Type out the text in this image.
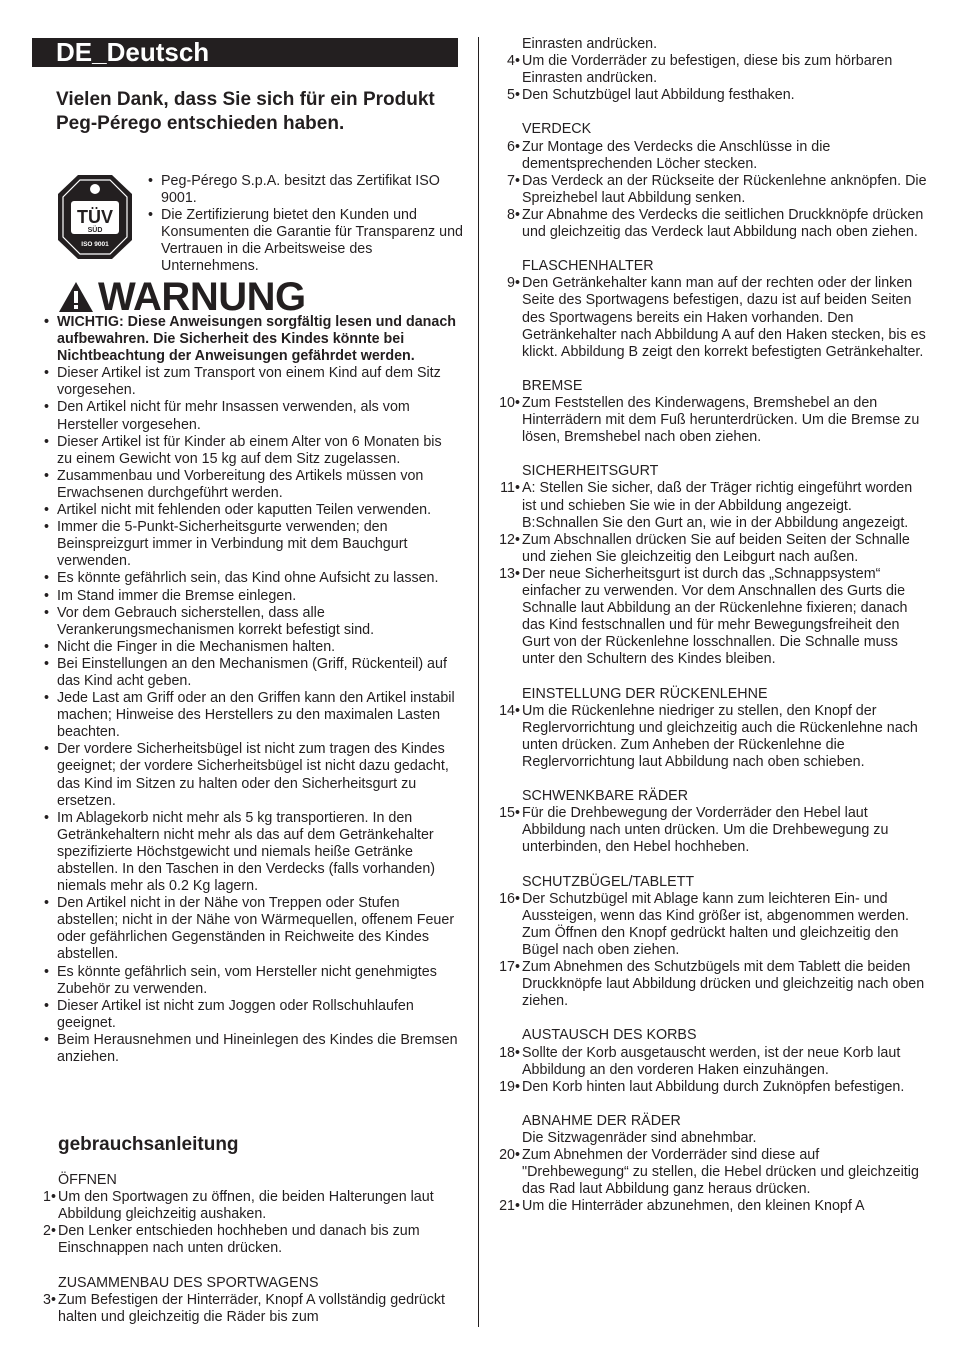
DE_Deutsch
Vielen Dank, dass Sie sich für ein Produkt Peg-Pérego entschieden haben.
TÜV
SÜD
ISO 9001
• Peg-Pérego S.p.A. besitzt das Zertifikat ISO 9001.
• Die Zertifizierung bietet den Kunden und Konsumenten die Garantie für Transparenz und Vertrauen in die Arbeitsweise des Unternehmens.
WARNUNG
• WICHTIG: Diese Anweisungen sorgfältig lesen und danach aufbewahren. Die Sicherheit des Kindes könnte bei Nichtbeachtung der Anweisungen gefährdet werden.
• Dieser Artikel ist zum Transport von einem Kind auf dem Sitz vorgesehen.
• Den Artikel nicht für mehr Insassen verwenden, als vom Hersteller vorgesehen.
• Dieser Artikel ist für Kinder ab einem Alter von 6 Monaten bis zu einem Gewicht von 15 kg auf dem Sitz zugelassen.
• Zusammenbau und Vorbereitung des Artikels müssen von Erwachsenen durchgeführt werden.
• Artikel nicht mit fehlenden oder kaputten Teilen verwenden.
• Immer die 5-Punkt-Sicherheitsgurte verwenden; den Beinspreizgurt immer in Verbindung mit dem Bauchgurt verwenden.
• Es könnte gefährlich sein, das Kind ohne Aufsicht zu lassen.
• Im Stand immer die Bremse einlegen.
• Vor dem Gebrauch sicherstellen, dass alle Verankerungsmechanismen korrekt befestigt sind.
• Nicht die Finger in die Mechanismen halten.
• Bei Einstellungen an den Mechanismen (Griff, Rückenteil) auf das Kind acht geben.
• Jede Last am Griff oder an den Griffen kann den Artikel instabil machen; Hinweise des Herstellers zu den maximalen Lasten beachten.
• Der vordere Sicherheitsbügel ist nicht zum tragen des Kindes geeignet; der vordere Sicherheitsbügel ist nicht dazu gedacht, das Kind im Sitzen zu halten oder den Sicherheitsgurt zu ersetzen.
• Im Ablagekorb nicht mehr als 5 kg transportieren. In den Getränkehaltern nicht mehr als das auf dem Getränkehalter spezifizierte Höchstgewicht und niemals heiße Getränke abstellen. In den Taschen in den Verdecks (falls vorhanden) niemals mehr als 0.2 Kg lagern.
• Den Artikel nicht in der Nähe von Treppen oder Stufen abstellen; nicht in der Nähe von Wärmequellen, offenem Feuer oder gefährlichen Gegenständen in Reichweite des Kindes abstellen.
• Es könnte gefährlich sein, vom Hersteller nicht genehmigtes Zubehör zu verwenden.
• Dieser Artikel ist nicht zum Joggen oder Rollschuhlaufen geeignet.
• Beim Herausnehmen und Hineinlegen des Kindes die Bremsen anziehen.
gebrauchsanleitung
ÖFFNEN
1• Um den Sportwagen zu öffnen, die beiden Halterungen laut Abbildung gleichzeitig aushaken.
2• Den Lenker entschieden hochheben und danach bis zum Einschnappen nach unten drücken.
ZUSAMMENBAU DES SPORTWAGENS
3• Zum Befestigen der Hinterräder, Knopf A vollständig gedrückt halten und gleichzeitig die Räder bis zum
Einrasten andrücken.
4• Um die Vorderräder zu befestigen, diese bis zum hörbaren Einrasten andrücken.
5• Den Schutzbügel laut Abbildung festhaken.
VERDECK
6• Zur Montage des Verdecks die Anschlüsse in die dementsprechenden Löcher stecken.
7• Das Verdeck an der Rückseite der Rückenlehne anknöpfen. Die Spreizhebel laut Abbildung senken.
8• Zur Abnahme des Verdecks die seitlichen Druckknöpfe drücken und gleichzeitig das Verdeck laut Abbildung nach oben ziehen.
FLASCHENHALTER
9• Den Getränkehalter kann man auf der rechten oder der linken Seite des Sportwagens befestigen, dazu ist auf beiden Seiten des Sportwagens bereits ein Haken vorhanden. Den Getränkehalter nach Abbildung A auf den Haken stecken, bis es klickt. Abbildung B zeigt den korrekt befestigten Getränkehalter.
BREMSE
10• Zum Feststellen des Kinderwagens, Bremshebel an den Hinterrädern mit dem Fuß herunterdrücken. Um die Bremse zu lösen, Bremshebel nach oben ziehen.
SICHERHEITSGURT
11• A: Stellen Sie sicher, daß der Träger richtig eingeführt worden ist und schieben Sie wie in der Abbildung angezeigt. B:Schnallen Sie den Gurt an, wie in der Abbildung angezeigt.
12• Zum Abschnallen drücken Sie auf beiden Seiten der Schnalle und ziehen Sie gleichzeitig den Leibgurt nach außen.
13• Der neue Sicherheitsgurt ist durch das „Schnappsystem“ einfacher zu verwenden. Vor dem Anschnallen des Gurts die Schnalle laut Abbildung an der Rückenlehne fixieren; danach das Kind festschnallen und für mehr Bewegungsfreiheit den Gurt von der Rückenlehne losschnallen. Die Schnalle muss unter den Schultern des Kindes bleiben.
EINSTELLUNG DER RÜCKENLEHNE
14• Um die Rückenlehne niedriger zu stellen, den Knopf der Reglervorrichtung und gleichzeitig auch die Rückenlehne nach unten drücken. Zum Anheben der Rückenlehne die Reglervorrichtung laut Abbildung nach oben schieben.
SCHWENKBARE RÄDER
15• Für die Drehbewegung der Vorderräder den Hebel laut Abbildung nach unten drücken. Um die Drehbewegung zu unterbinden, den Hebel hochheben.
SCHUTZBÜGEL/TABLETT
16• Der Schutzbügel mit Ablage kann zum leichteren Ein- und Aussteigen, wenn das Kind größer ist, abgenommen werden. Zum Öffnen den Knopf gedrückt halten und gleichzeitig den Bügel nach oben ziehen.
17• Zum Abnehmen des Schutzbügels mit dem Tablett die beiden Druckknöpfe laut Abbildung drücken und gleichzeitig nach oben ziehen.
AUSTAUSCH DES KORBS
18• Sollte der Korb ausgetauscht werden, ist der neue Korb laut Abbildung an den vorderen Haken einzuhängen.
19• Den Korb hinten laut Abbildung durch Zuknöpfen befestigen.
ABNAHME DER RÄDER
Die Sitzwagenräder sind abnehmbar.
20• Zum Abnehmen der Vorderräder sind diese auf "Drehbewegung“ zu stellen, die Hebel drücken und gleichzeitig das Rad laut Abbildung ganz heraus drücken.
21• Um die Hinterräder abzunehmen, den kleinen Knopf A
